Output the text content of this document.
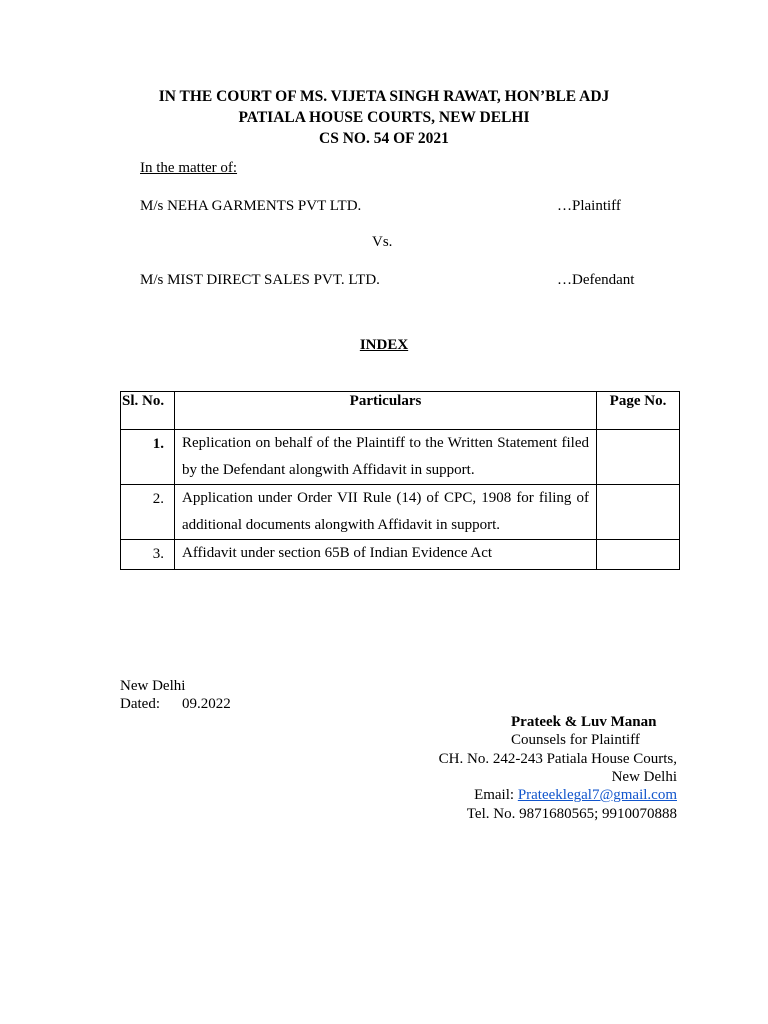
IN THE COURT OF MS. VIJETA SINGH RAWAT, HON’BLE ADJ
PATIALA HOUSE COURTS, NEW DELHI
CS NO. 54 OF 2021
In the matter of:
M/s NEHA GARMENTS PVT LTD.	…Plaintiff
Vs.
M/s MIST DIRECT SALES PVT. LTD.	…Defendant
INDEX
Sl. No.	Particulars	Page No.
1.	Replication on behalf of the Plaintiff to the Written Statement filed by the Defendant alongwith Affidavit in support.	

2.	Application under Order VII Rule (14) of CPC, 1908 for filing of additional documents alongwith Affidavit in support.	

3.	Affidavit under section 65B of Indian Evidence Act	

New Delhi
Dated: 09.2022
Prateek & Luv Manan
Counsels for Plaintiff
CH. No. 242-243 Patiala House Courts,
New Delhi
Email: Prateeklegal7@gmail.com
Tel. No. 9871680565; 9910070888
